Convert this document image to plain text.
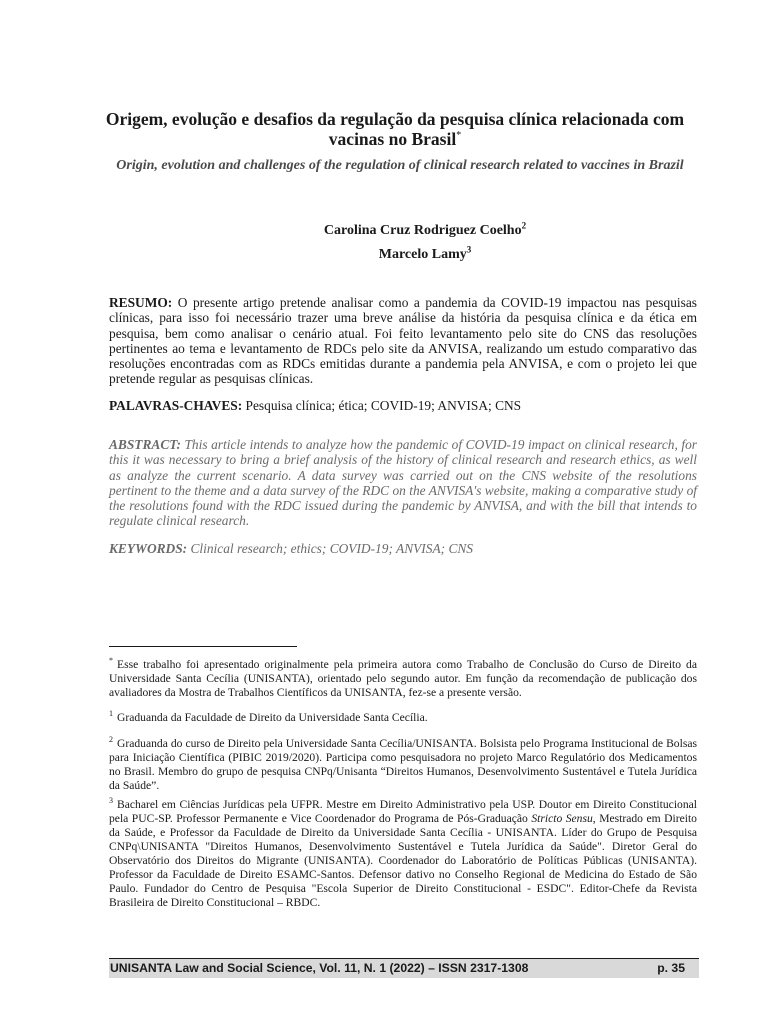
Origem, evolução e desafios da regulação da pesquisa clínica relacionada com vacinas no Brasil*
Origin, evolution and challenges of the regulation of clinical research related to vaccines in Brazil
Carolina Cruz Rodriguez Coelho$^2$
Marcelo Lamy$^3$
RESUMO: O presente artigo pretende analisar como a pandemia da COVID-19 impactou nas pesquisas clínicas, para isso foi necessário trazer uma breve análise da história da pesquisa clínica e da ética em pesquisa, bem como analisar o cenário atual. Foi feito levantamento pelo site do CNS das resoluções pertinentes ao tema e levantamento de RDCs pelo site da ANVISA, realizando um estudo comparativo das resoluções encontradas com as RDCs emitidas durante a pandemia pela ANVISA, e com o projeto lei que pretende regular as pesquisas clínicas.
PALAVRAS-CHAVES: Pesquisa clínica; ética; COVID-19; ANVISA; CNS
ABSTRACT: This article intends to analyze how the pandemic of COVID-19 impact on clinical research, for this it was necessary to bring a brief analysis of the history of clinical research and research ethics, as well as analyze the current scenario. A data survey was carried out on the CNS website of the resolutions pertinent to the theme and a data survey of the RDC on the ANVISA's website, making a comparative study of the resolutions found with the RDC issued during the pandemic by ANVISA, and with the bill that intends to regulate clinical research.
KEYWORDS: Clinical research; ethics; COVID-19; ANVISA; CNS
* Esse trabalho foi apresentado originalmente pela primeira autora como Trabalho de Conclusão do Curso de Direito da Universidade Santa Cecília (UNISANTA), orientado pelo segundo autor. Em função da recomendação de publicação dos avaliadores da Mostra de Trabalhos Científicos da UNISANTA, fez-se a presente versão.
$^1$ Graduanda da Faculdade de Direito da Universidade Santa Cecília.
$^2$ Graduanda do curso de Direito pela Universidade Santa Cecília/UNISANTA. Bolsista pelo Programa Institucional de Bolsas para Iniciação Científica (PIBIC 2019/2020). Participa como pesquisadora no projeto Marco Regulatório dos Medicamentos no Brasil. Membro do grupo de pesquisa CNPq/Unisanta “Direitos Humanos, Desenvolvimento Sustentável e Tutela Jurídica da Saúde”.
$^3$ Bacharel em Ciências Jurídicas pela UFPR. Mestre em Direito Administrativo pela USP. Doutor em Direito Constitucional pela PUC-SP. Professor Permanente e Vice Coordenador do Programa de Pós-Graduação Stricto Sensu, Mestrado em Direito da Saúde, e Professor da Faculdade de Direito da Universidade Santa Cecília - UNISANTA. Líder do Grupo de Pesquisa CNPq\UNISANTA "Direitos Humanos, Desenvolvimento Sustentável e Tutela Jurídica da Saúde". Diretor Geral do Observatório dos Direitos do Migrante (UNISANTA). Coordenador do Laboratório de Políticas Públicas (UNISANTA). Professor da Faculdade de Direito ESAMC-Santos. Defensor dativo no Conselho Regional de Medicina do Estado de São Paulo. Fundador do Centro de Pesquisa "Escola Superior de Direito Constitucional - ESDC". Editor-Chefe da Revista Brasileira de Direito Constitucional – RBDC.
UNISANTA Law and Social Science, Vol. 11, N. 1 (2022) – ISSN 2317-1308	p. 35
